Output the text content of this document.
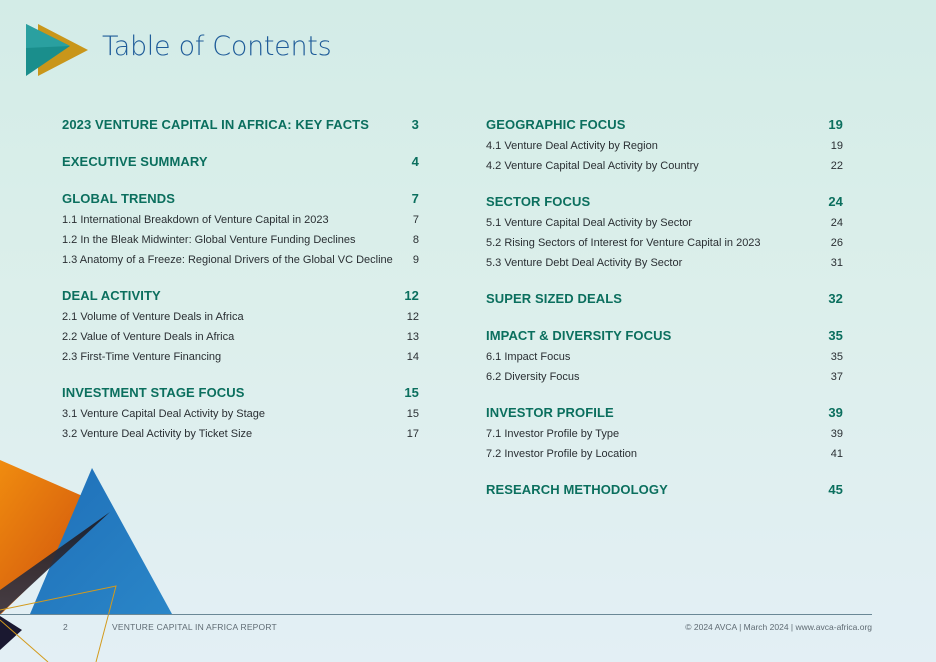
Table of Contents
2023 VENTURE CAPITAL IN AFRICA: KEY FACTS	3
EXECUTIVE SUMMARY	4
GLOBAL TRENDS	7
1.1 International Breakdown of Venture Capital in 2023	7
1.2 In the Bleak Midwinter: Global Venture Funding Declines	8
1.3 Anatomy of a Freeze: Regional Drivers of the Global VC Decline 9
DEAL ACTIVITY	12
2.1 Volume of Venture Deals in Africa	12
2.2 Value of Venture Deals in Africa	13
2.3 First-Time Venture Financing	14
INVESTMENT STAGE FOCUS	15
3.1 Venture Capital Deal Activity by Stage	15
3.2 Venture Deal Activity by Ticket Size	17
GEOGRAPHIC FOCUS	19
4.1 Venture Deal Activity by Region	19
4.2 Venture Capital Deal Activity by Country	22
SECTOR FOCUS	24
5.1 Venture Capital Deal Activity by Sector	24
5.2 Rising Sectors of Interest for Venture Capital in 2023	26
5.3 Venture Debt Deal Activity By Sector	31
SUPER SIZED DEALS	32
IMPACT & DIVERSITY FOCUS	35
6.1 Impact Focus	35
6.2 Diversity Focus	37
INVESTOR PROFILE	39
7.1 Investor Profile by Type	39
7.2 Investor Profile by Location	41
RESEARCH METHODOLOGY	45
2	VENTURE CAPITAL IN AFRICA REPORT	© 2024 AVCA | March 2024 | www.avca-africa.org
